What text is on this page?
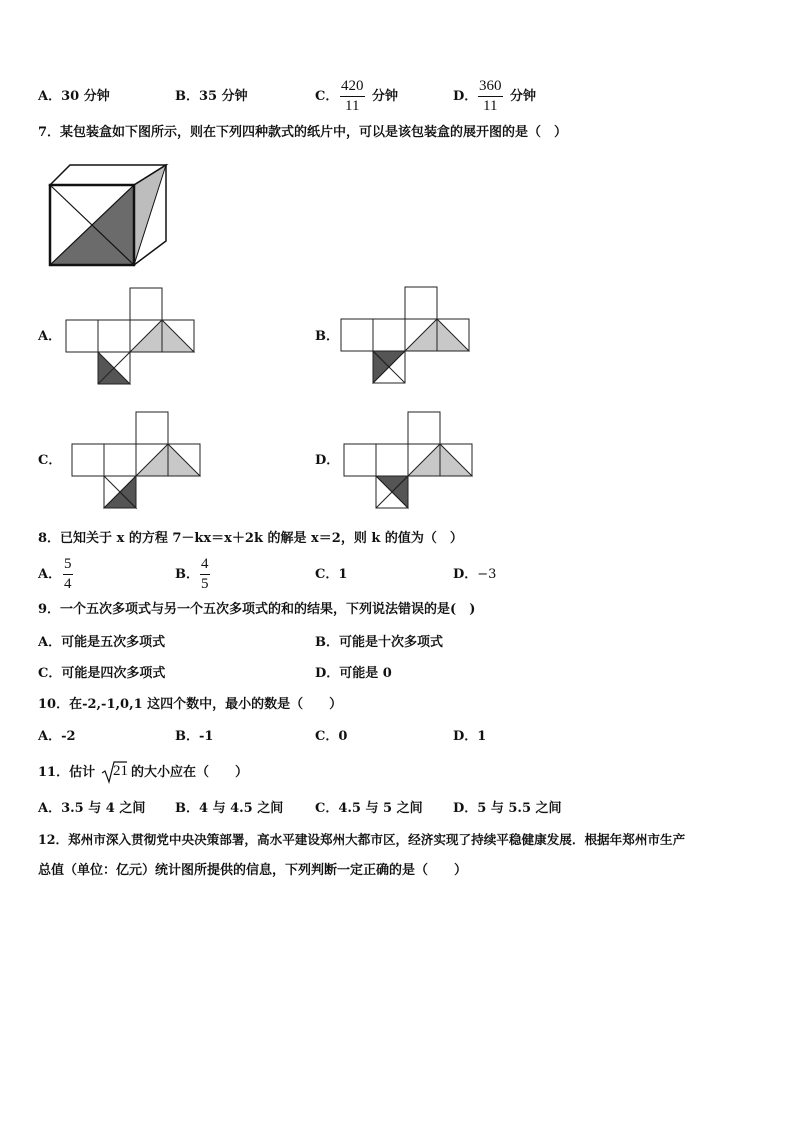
A．30 分钟	B．35 分钟	C． $\frac{420}{11}$ 分钟	D． $\frac{360}{11}$ 分钟
7．某包装盒如下图所示，则在下列四种款式的纸片中，可以是该包装盒的展开图的是（　）
A．	B．
C．	D．
8．已知关于 x 的方程 7－kx＝x＋2k 的解是 x＝2，则 k 的值为（　）
A． $\frac{5}{4}$	B． $\frac{4}{5}$	C．1	D．−3
9．一个五次多项式与另一个五次多项式的和的结果，下列说法错误的是(　)
A．可能是五次多项式	B．可能是十次多项式
C．可能是四次多项式	D．可能是 0
10．在-2,-1,0,1 这四个数中，最小的数是（　　）
A．-2	B．-1	C．0	D．1
11．估计 21 的大小应在（　　）
A．3.5 与 4 之间 B．4 与 4.5 之间 C．4.5 与 5 之间 D．5 与 5.5 之间
12．郑州市深入贯彻党中央决策部署，高水平建设郑州大都市区，经济实现了持续平稳健康发展．根据年郑州市生产
总值（单位：亿元）统计图所提供的信息，下列判断一定正确的是（　　）
